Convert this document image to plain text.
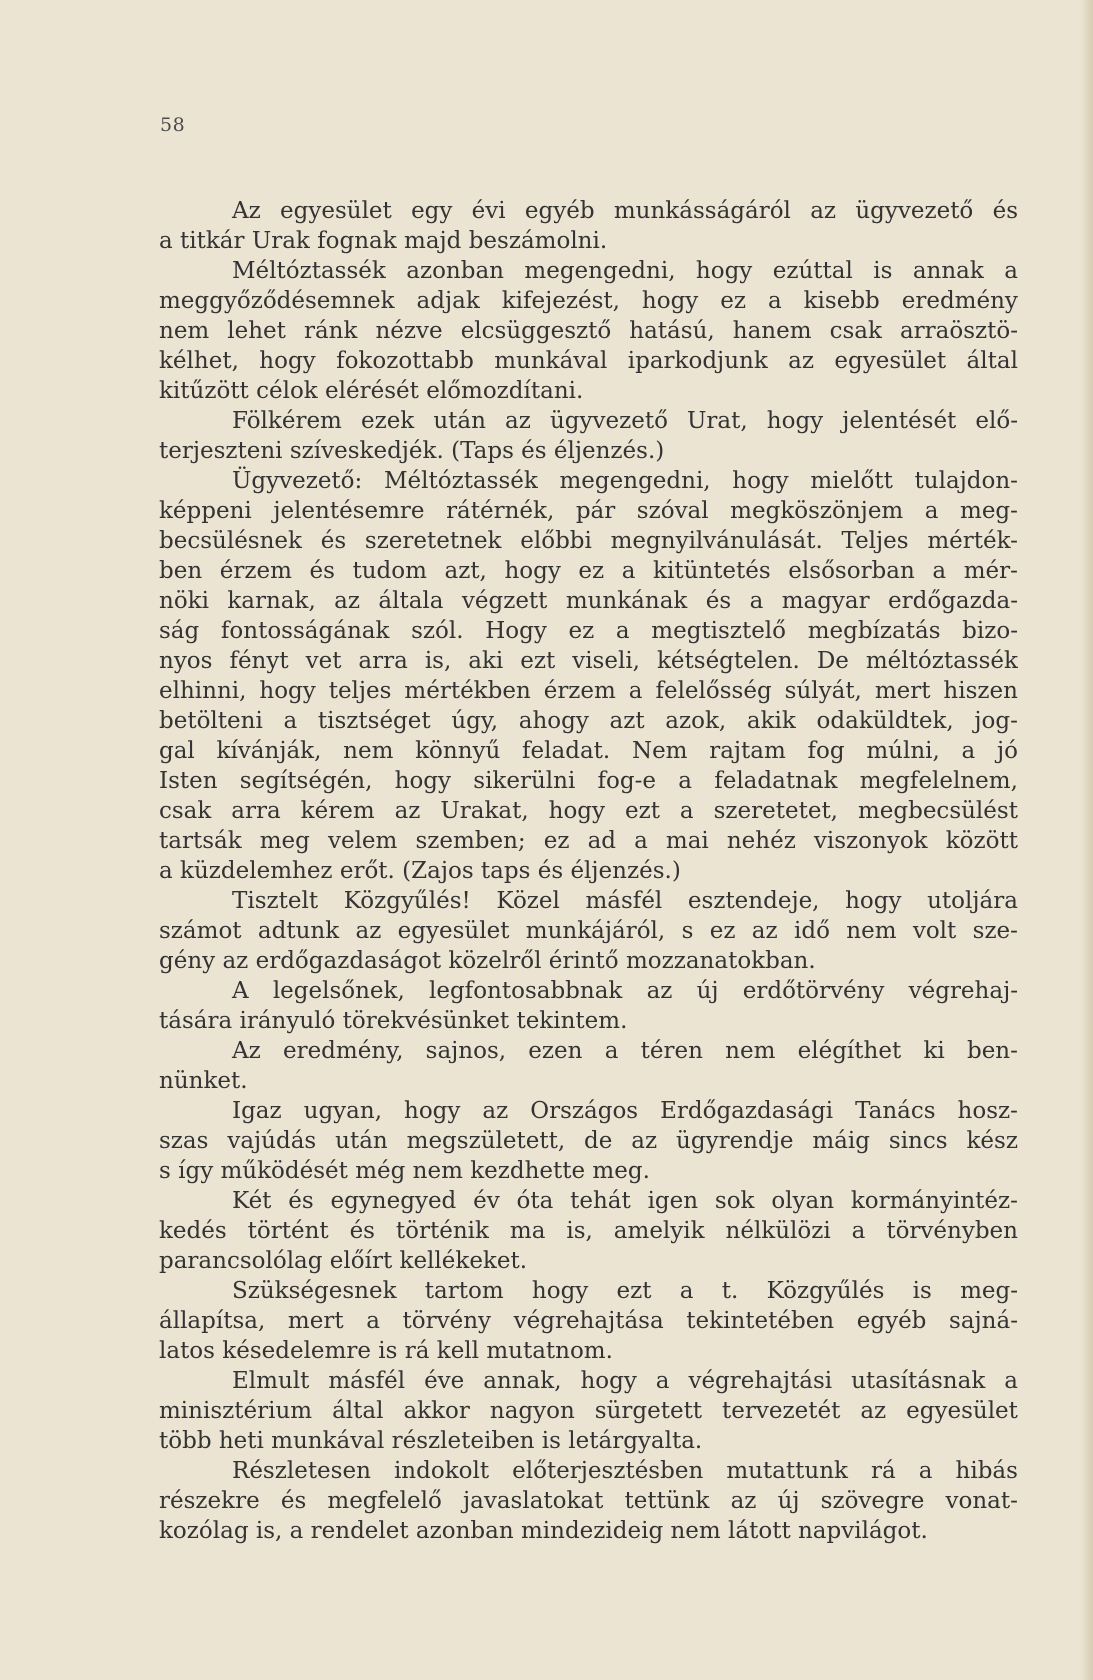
58
Az egyesület egy évi egyéb munkásságáról az ügyvezető és
a titkár Urak fognak majd beszámolni.
Méltóztassék azonban megengedni, hogy ezúttal is annak a
meggyőződésemnek adjak kifejezést, hogy ez a kisebb eredmény
nem lehet ránk nézve elcsüggesztő hatású, hanem csak arraösztö-
kélhet, hogy fokozottabb munkával iparkodjunk az egyesület által
kitűzött célok elérését előmozdítani.
Fölkérem ezek után az ügyvezető Urat, hogy jelentését elő-
terjeszteni szíveskedjék. (Taps és éljenzés.)
Ügyvezető: Méltóztassék megengedni, hogy mielőtt tulajdon-
képpeni jelentésemre rátérnék, pár szóval megköszönjem a meg-
becsülésnek és szeretetnek előbbi megnyilvánulását. Teljes mérték-
ben érzem és tudom azt, hogy ez a kitüntetés elsősorban a mér-
nöki karnak, az általa végzett munkának és a magyar erdőgazda-
ság fontosságának szól. Hogy ez a megtisztelő megbízatás bizo-
nyos fényt vet arra is, aki ezt viseli, kétségtelen. De méltóztassék
elhinni, hogy teljes mértékben érzem a felelősség súlyát, mert hiszen
betölteni a tisztséget úgy, ahogy azt azok, akik odaküldtek, jog-
gal kívánják, nem könnyű feladat. Nem rajtam fog múlni, a jó
Isten segítségén, hogy sikerülni fog-e a feladatnak megfelelnem,
csak arra kérem az Urakat, hogy ezt a szeretetet, megbecsülést
tartsák meg velem szemben; ez ad a mai nehéz viszonyok között
a küzdelemhez erőt. (Zajos taps és éljenzés.)
Tisztelt Közgyűlés! Közel másfél esztendeje, hogy utoljára
számot adtunk az egyesület munkájáról, s ez az idő nem volt sze-
gény az erdőgazdaságot közelről érintő mozzanatokban.
A legelsőnek, legfontosabbnak az új erdőtörvény végrehaj-
tására irányuló törekvésünket tekintem.
Az eredmény, sajnos, ezen a téren nem elégíthet ki ben-
nünket.
Igaz ugyan, hogy az Országos Erdőgazdasági Tanács hosz-
szas vajúdás után megszületett, de az ügyrendje máig sincs kész
s így működését még nem kezdhette meg.
Két és egynegyed év óta tehát igen sok olyan kormányintéz-
kedés történt és történik ma is, amelyik nélkülözi a törvényben
parancsolólag előírt kellékeket.
Szükségesnek tartom hogy ezt a t. Közgyűlés is meg-
állapítsa, mert a törvény végrehajtása tekintetében egyéb sajná-
latos késedelemre is rá kell mutatnom.
Elmult másfél éve annak, hogy a végrehajtási utasításnak a
minisztérium által akkor nagyon sürgetett tervezetét az egyesület
több heti munkával részleteiben is letárgyalta.
Részletesen indokolt előterjesztésben mutattunk rá a hibás
részekre és megfelelő javaslatokat tettünk az új szövegre vonat-
kozólag is, a rendelet azonban mindezideig nem látott napvilágot.
